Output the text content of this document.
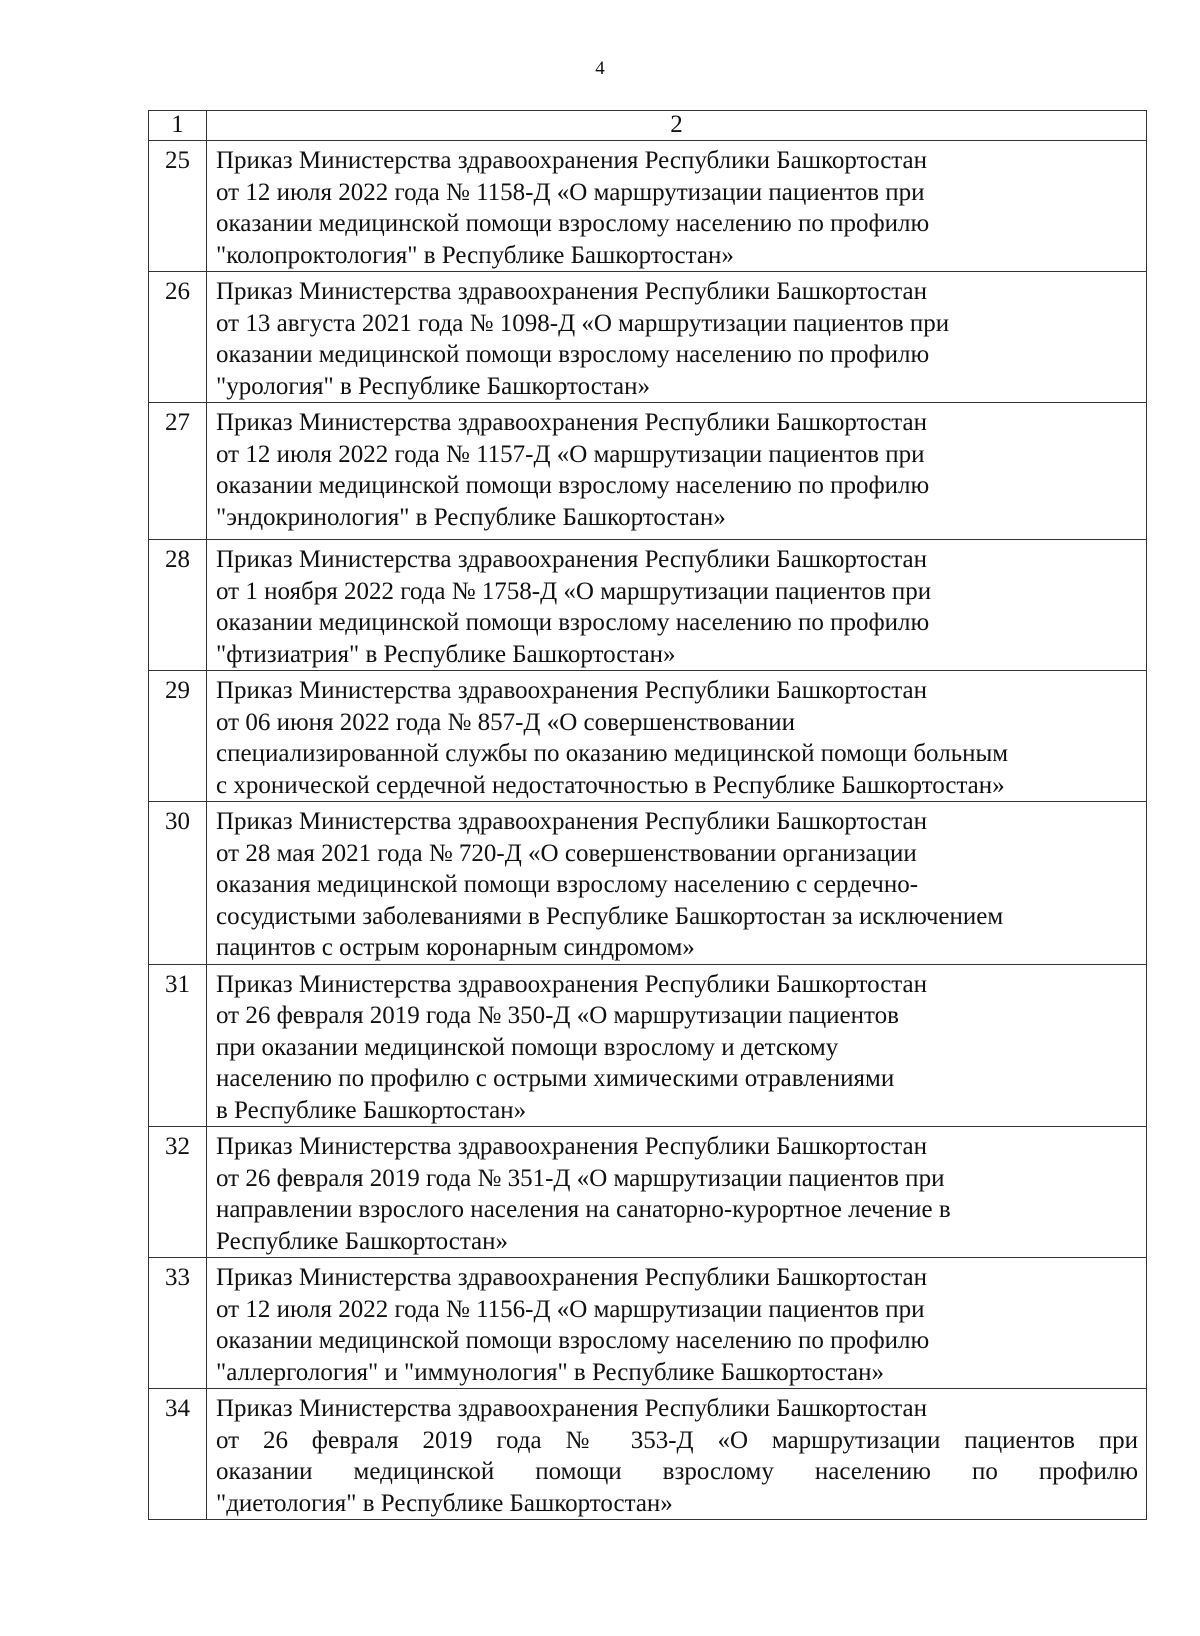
4
1	2
25	Приказ Министерства здравоохранения Республики Башкортостан
от 12 июля 2022 года № 1158-Д «О маршрутизации пациентов при
оказании медицинской помощи взрослому населению по профилю
"колопроктология" в Республике Башкортостан»

26	Приказ Министерства здравоохранения Республики Башкортостан
от 13 августа 2021 года № 1098-Д «О маршрутизации пациентов при
оказании медицинской помощи взрослому населению по профилю
"урология" в Республике Башкортостан»

27	Приказ Министерства здравоохранения Республики Башкортостан
от 12 июля 2022 года № 1157-Д «О маршрутизации пациентов при
оказании медицинской помощи взрослому населению по профилю
"эндокринология" в Республике Башкортостан»

28	Приказ Министерства здравоохранения Республики Башкортостан
от 1 ноября 2022 года № 1758-Д «О маршрутизации пациентов при
оказании медицинской помощи взрослому населению по профилю
"фтизиатрия" в Республике Башкортостан»

29	Приказ Министерства здравоохранения Республики Башкортостан
от 06 июня 2022 года № 857-Д «О совершенствовании
специализированной службы по оказанию медицинской помощи больным
с хронической сердечной недостаточностью в Республике Башкортостан»

30	Приказ Министерства здравоохранения Республики Башкортостан
от 28 мая 2021 года № 720-Д «О совершенствовании организации
оказания медицинской помощи взрослому населению с сердечно-
сосудистыми заболеваниями в Республике Башкортостан за исключением
пацинтов с острым коронарным синдромом»

31	Приказ Министерства здравоохранения Республики Башкортостан
от 26 февраля 2019 года № 350-Д «О маршрутизации пациентов
при оказании медицинской помощи взрослому и детскому
населению по профилю с острыми химическими отравлениями
в Республике Башкортостан»

32	Приказ Министерства здравоохранения Республики Башкортостан
от 26 февраля 2019 года № 351-Д «О маршрутизации пациентов при
направлении взрослого населения на санаторно-курортное лечение в
Республике Башкортостан»

33	Приказ Министерства здравоохранения Республики Башкортостан
от 12 июля 2022 года № 1156-Д «О маршрутизации пациентов при
оказании медицинской помощи взрослому населению по профилю
"аллергология" и "иммунология" в Республике Башкортостан»

34	Приказ Министерства здравоохранения Республики Башкортостан
от 26 февраля 2019 года № 353-Д «О маршрутизации пациентов при
оказании медицинской помощи взрослому населению по профилю
"диетология" в Республике Башкортостан»
